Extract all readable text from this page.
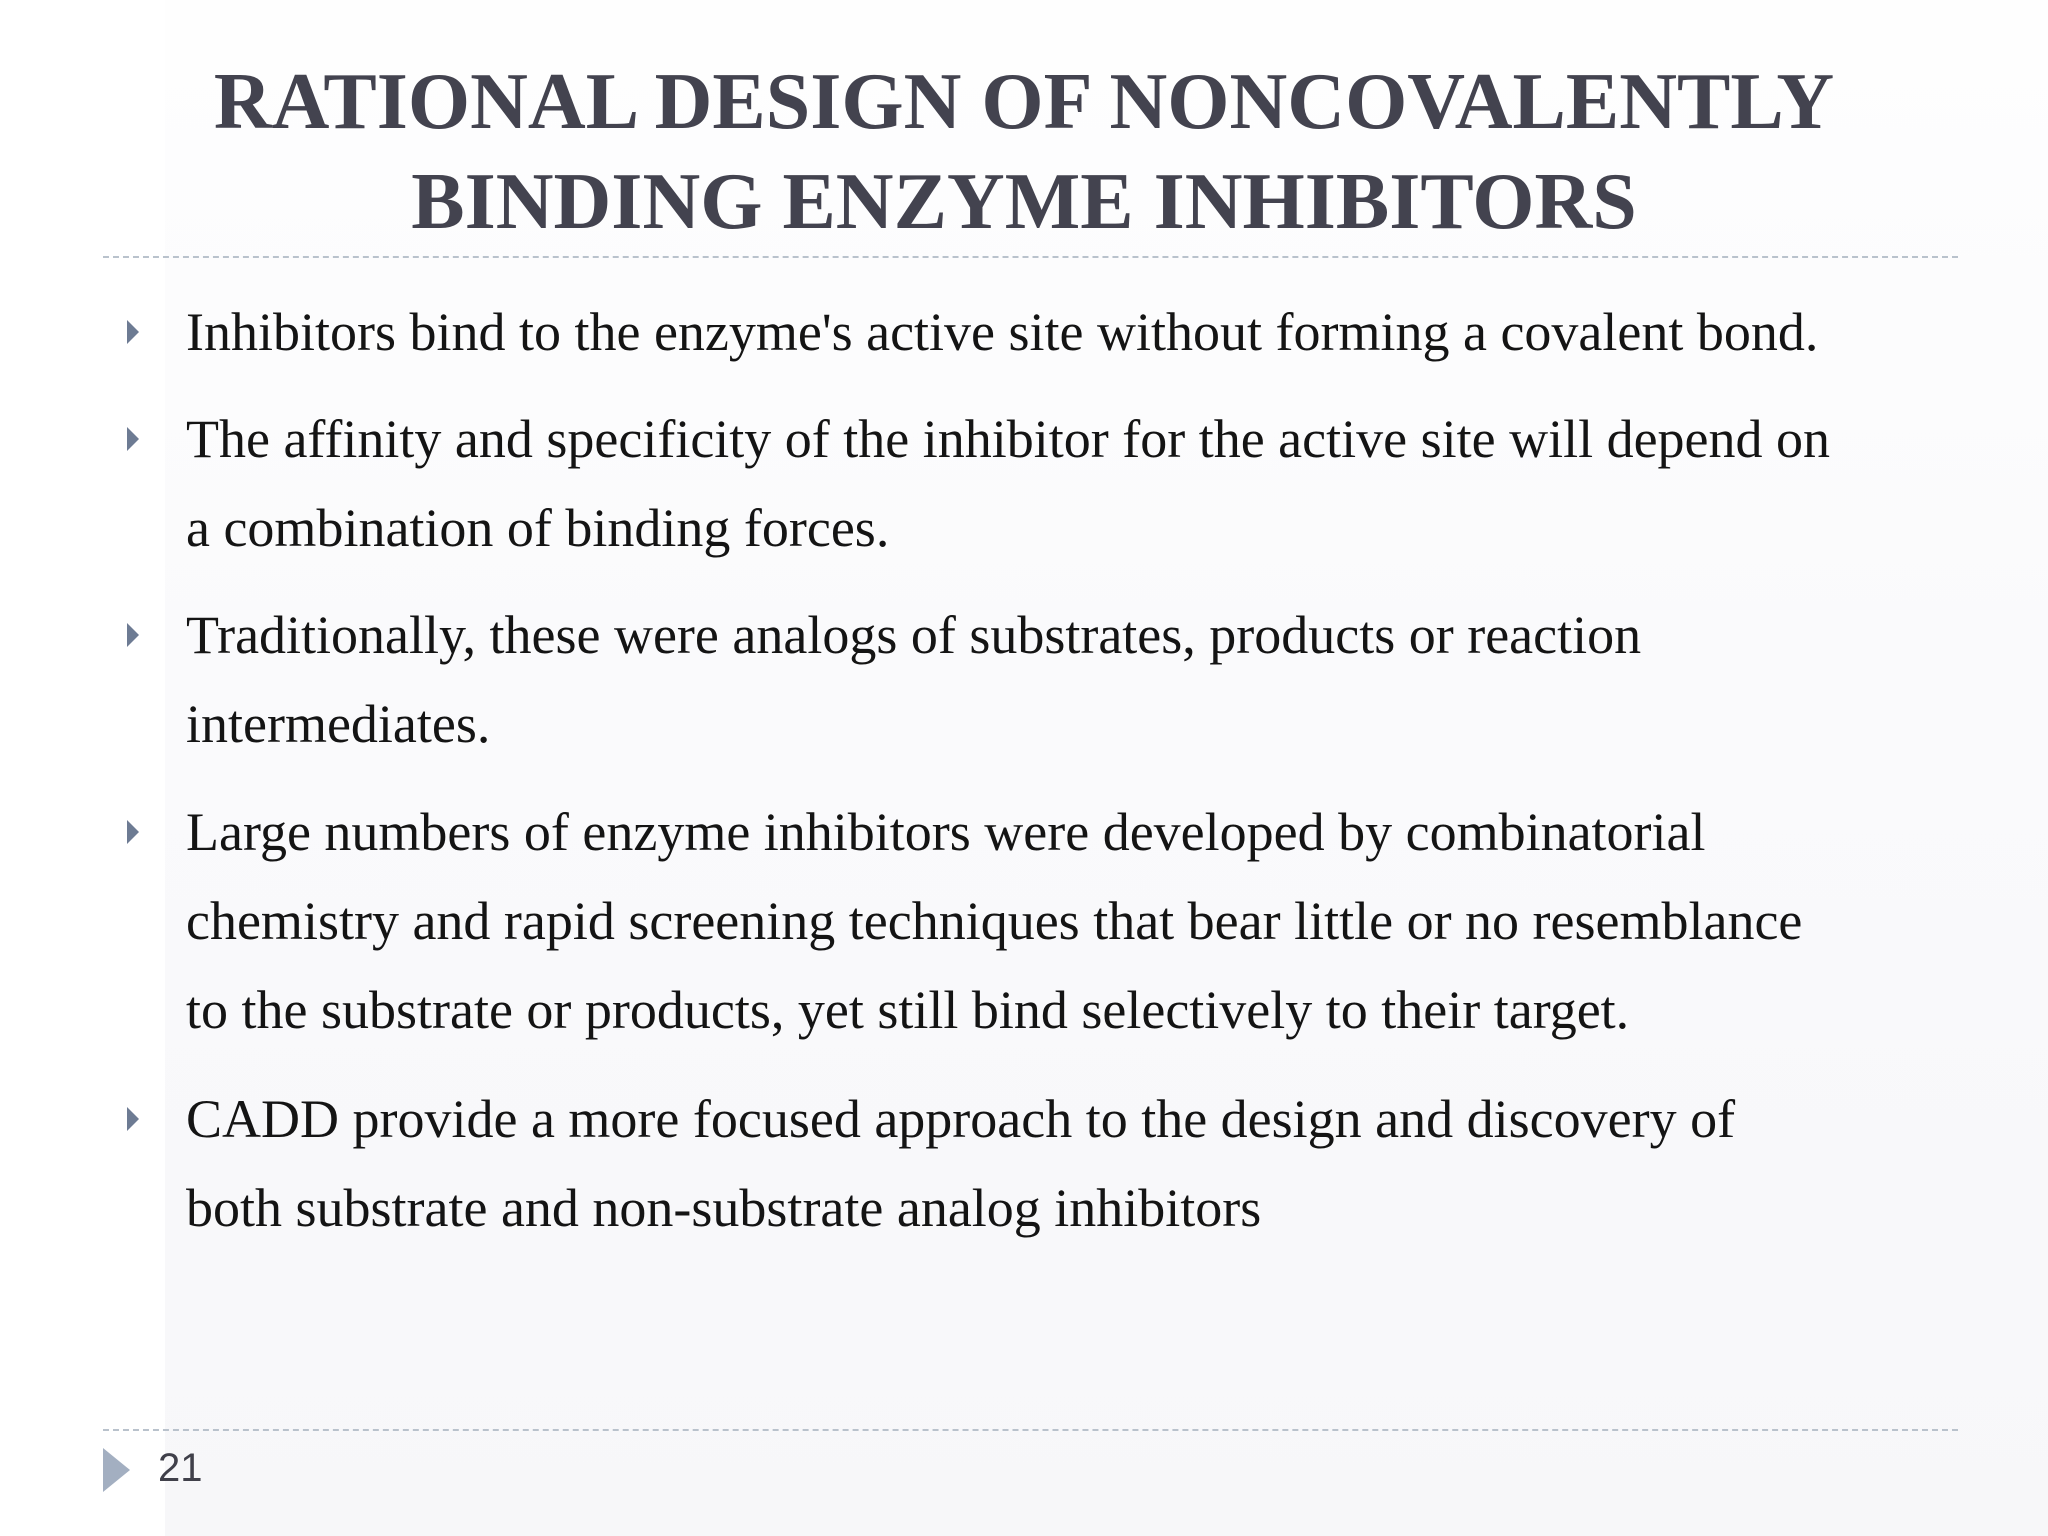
RATIONAL DESIGN OF NONCOVALENTLY
BINDING ENZYME INHIBITORS
Inhibitors bind to the enzyme's active site without forming a covalent bond.
The affinity and specificity of the inhibitor for the active site will depend on
a combination of binding forces.
Traditionally, these were analogs of substrates, products or reaction
intermediates.
Large numbers of enzyme inhibitors were developed by combinatorial
chemistry and rapid screening techniques that bear little or no resemblance
to the substrate or products, yet still bind selectively to their target.
CADD provide a more focused approach to the design and discovery of
both substrate and non-substrate analog inhibitors
21
